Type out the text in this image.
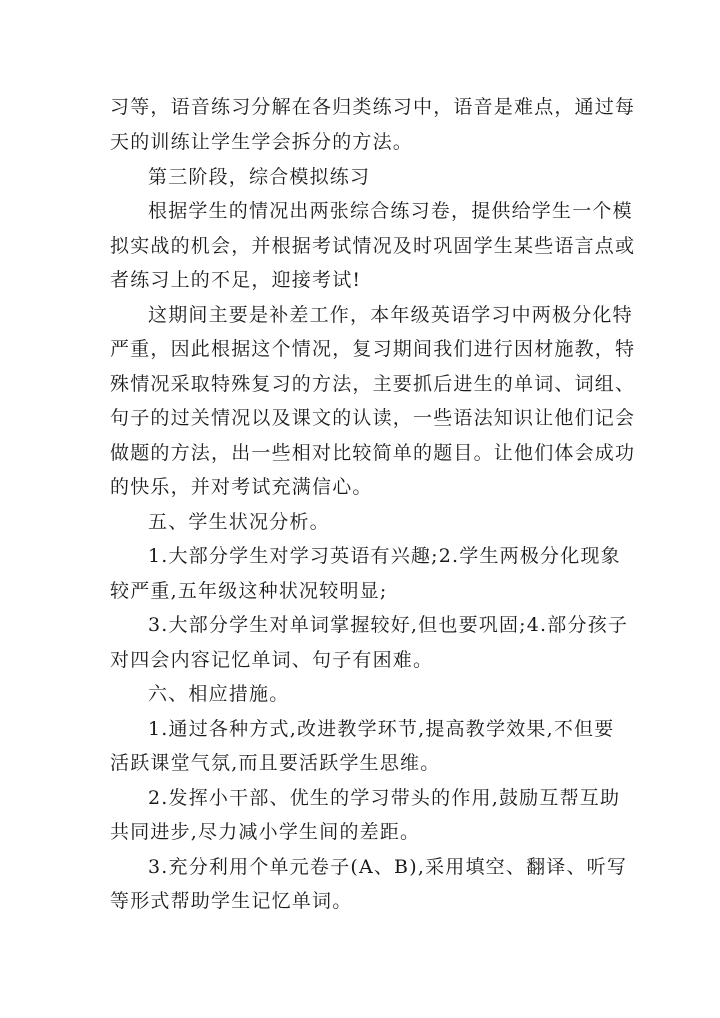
习等，语音练习分解在各归类练习中，语音是难点，通过每
天的训练让学生学会拆分的方法。
第三阶段，综合模拟练习
根据学生的情况出两张综合练习卷，提供给学生一个模
拟实战的机会，并根据考试情况及时巩固学生某些语言点或
者练习上的不足，迎接考试!
这期间主要是补差工作，本年级英语学习中两极分化特
严重，因此根据这个情况，复习期间我们进行因材施教，特
殊情况采取特殊复习的方法，主要抓后进生的单词、词组、
句子的过关情况以及课文的认读，一些语法知识让他们记会
做题的方法，出一些相对比较简单的题目。让他们体会成功
的快乐，并对考试充满信心。
五、学生状况分析。
1.大部分学生对学习英语有兴趣;2.学生两极分化现象
较严重,五年级这种状况较明显;
3.大部分学生对单词掌握较好,但也要巩固;4.部分孩子
对四会内容记忆单词、句子有困难。
六、相应措施。
1.通过各种方式,改进教学环节,提高教学效果,不但要
活跃课堂气氛,而且要活跃学生思维。
2.发挥小干部、优生的学习带头的作用,鼓励互帮互助
共同进步,尽力减小学生间的差距。
3.充分利用个单元卷子(A、B),采用填空、翻译、听写
等形式帮助学生记忆单词。
